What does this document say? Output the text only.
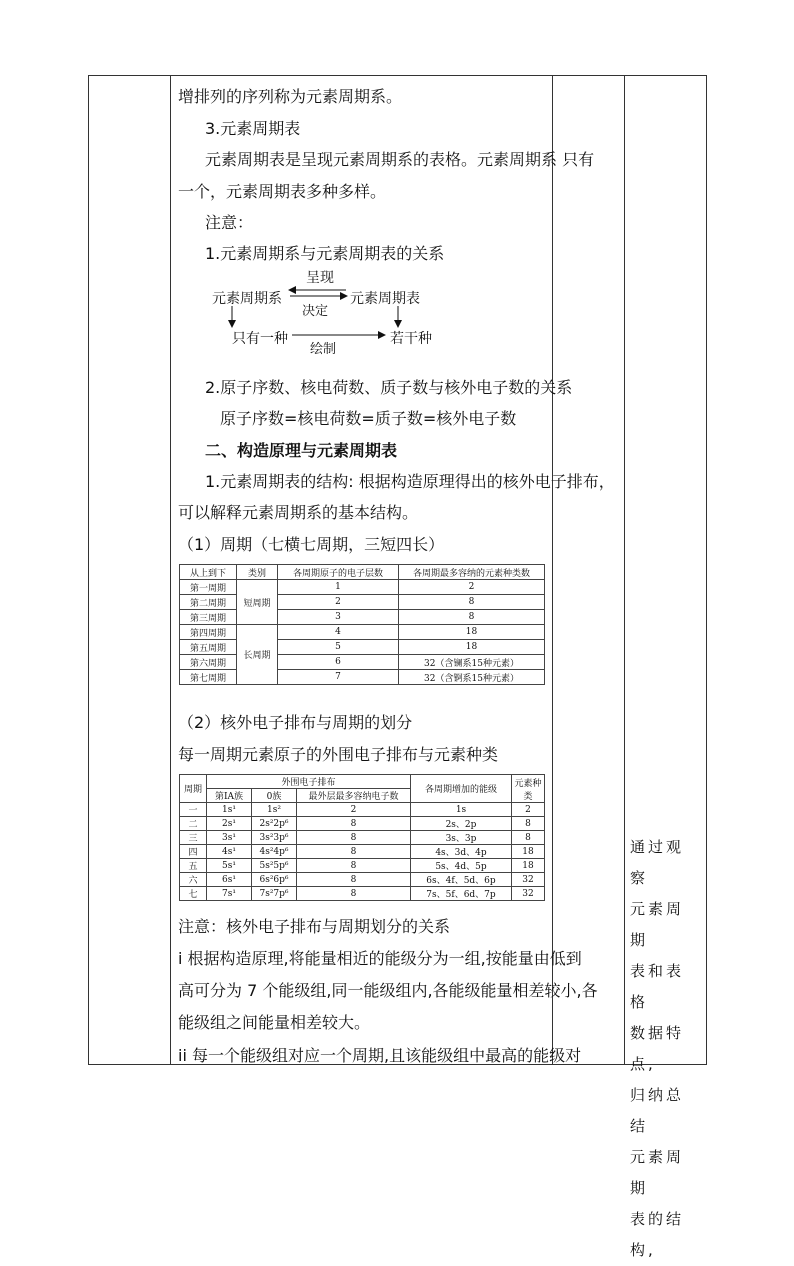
增排列的序列称为元素周期系。
3.元素周期表
元素周期表是呈现元素周期系的表格。元素周期系 只有
一个，元素周期表多种多样。
注意：
1.元素周期系与元素周期表的关系
呈现
元素周期系	元素周期表
决定
只有一种	若干种
绘制
2.原子序数、核电荷数、质子数与核外电子数的关系
原子序数=核电荷数=质子数=核外电子数
二、构造原理与元素周期表
1.元素周期表的结构: 根据构造原理得出的核外电子排布，
可以解释元素周期系的基本结构。
（1）周期（七横七周期，三短四长）
从上到下	类别	各周期原子的电子层数	各周期最多容纳的元素种类数
第一周期	短周期	1	2
第二周期		2	8
第三周期		3	8
第四周期	长周期	4	18
第五周期		5	18
第六周期		6	32（含镧系15种元素）
第七周期		7	32（含锕系15种元素）
（2）核外电子排布与周期的划分
每一周期元素原子的外围电子排布与元素种类
周期	外围电子排布			各周期增加的能级	元素种类
	第ⅠA族	0族	最外层最多容纳电子数		
一	1s¹	1s²	2	1s	2
二	2s¹	2s²2p⁶	8	2s、2p	8
三	3s¹	3s²3p⁶	8	3s、3p	8
四	4s¹	4s²4p⁶	8	4s、3d、4p	18
五	5s¹	5s²5p⁶	8	5s、4d、5p	18
六	6s¹	6s²6p⁶	8	6s、4f、5d、6p	32
七	7s¹	7s²7p⁶	8	7s、5f、6d、7p	32
注意：核外电子排布与周期划分的关系
i 根据构造原理,将能量相近的能级分为一组,按能量由低到
高可分为 7 个能级组,同一能级组内,各能级能量相差较小,各
能级组之间能量相差较大。
ii 每一个能级组对应一个周期,且该能级组中最高的能级对
通过观察
元素周期
表和表格
数据特点,
归纳总结
元素周期
表的结构,
